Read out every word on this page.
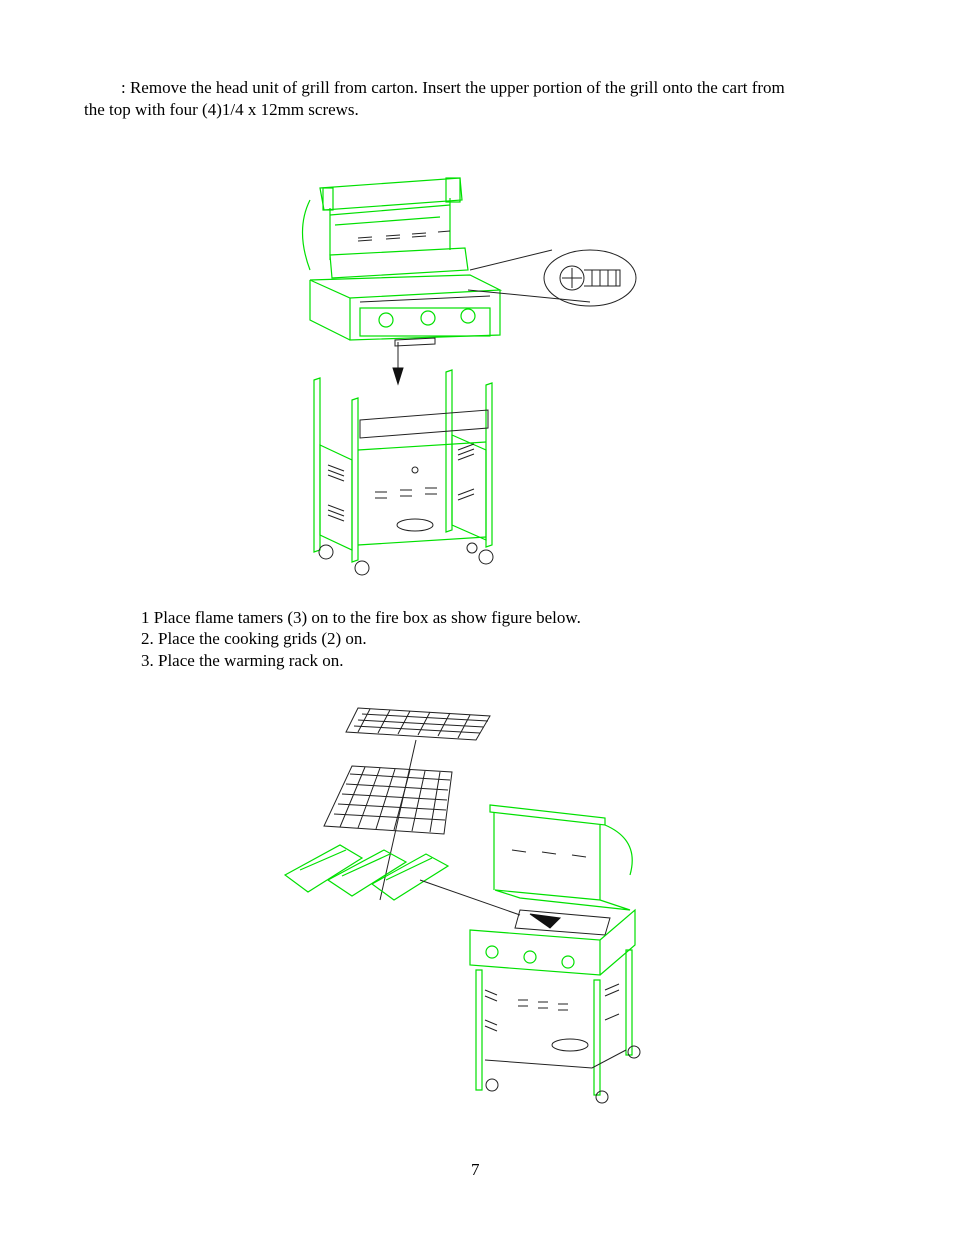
: Remove the head unit of grill from carton. Insert the upper portion of the grill onto the cart from
the top with four (4)1/4 x 12mm screws.
1 Place flame tamers (3) on to the fire box as show figure below.
2. Place the cooking grids (2) on.
3. Place the warming rack on.
7
